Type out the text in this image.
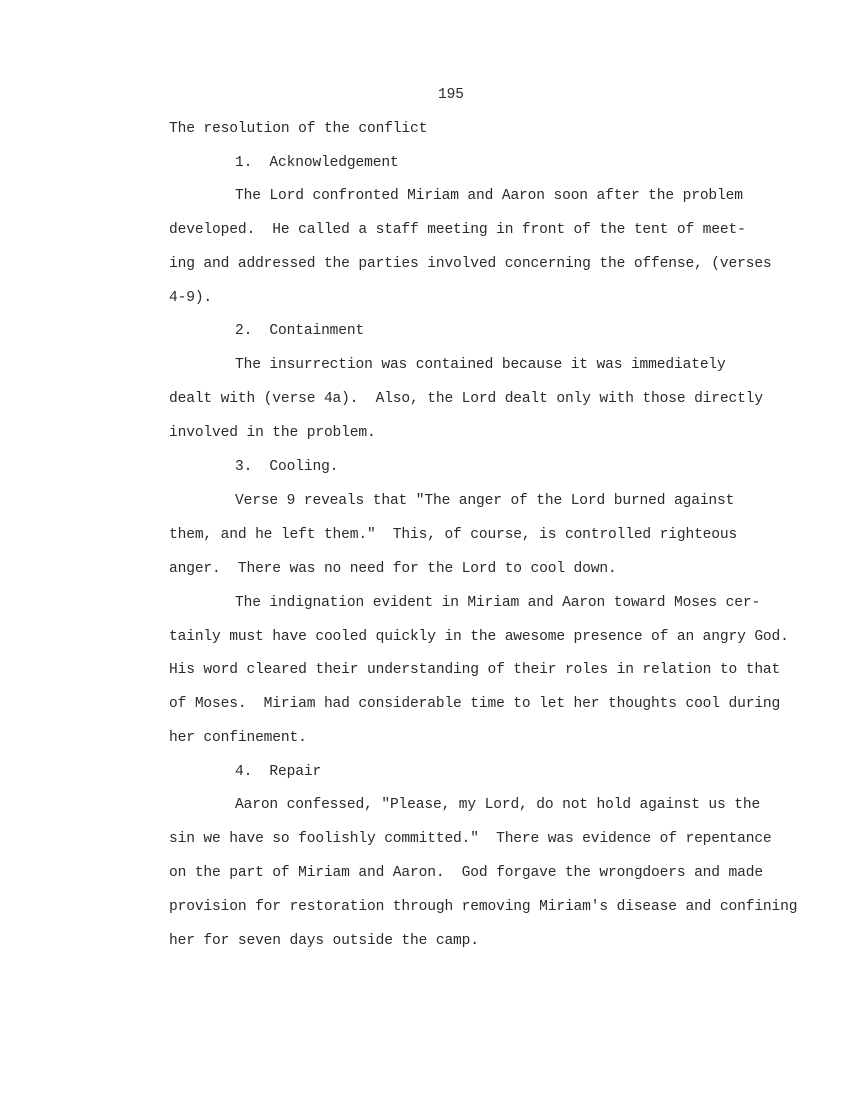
195
The resolution of the conflict
1.  Acknowledgement
The Lord confronted Miriam and Aaron soon after the problem
developed.  He called a staff meeting in front of the tent of meet-
ing and addressed the parties involved concerning the offense, (verses
4-9).
2.  Containment
The insurrection was contained because it was immediately
dealt with (verse 4a).  Also, the Lord dealt only with those directly
involved in the problem.
3.  Cooling.
Verse 9 reveals that "The anger of the Lord burned against
them, and he left them."  This, of course, is controlled righteous
anger.  There was no need for the Lord to cool down.
The indignation evident in Miriam and Aaron toward Moses cer-
tainly must have cooled quickly in the awesome presence of an angry God.
His word cleared their understanding of their roles in relation to that
of Moses.  Miriam had considerable time to let her thoughts cool during
her confinement.
4.  Repair
Aaron confessed, "Please, my Lord, do not hold against us the
sin we have so foolishly committed."  There was evidence of repentance
on the part of Miriam and Aaron.  God forgave the wrongdoers and made
provision for restoration through removing Miriam's disease and confining
her for seven days outside the camp.
